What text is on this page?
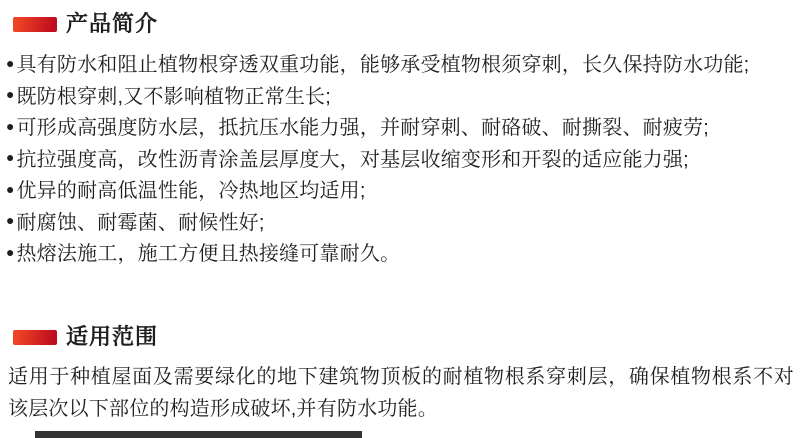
产品简介
● 具有防水和阻止植物根穿透双重功能，能够承受植物根须穿刺，长久保持防水功能;
● 既防根穿刺,又不影响植物正常生长;
● 可形成高强度防水层，抵抗压水能力强，并耐穿刺、耐硌破、耐撕裂、耐疲劳;
● 抗拉强度高，改性沥青涂盖层厚度大，对基层收缩变形和开裂的适应能力强;
● 优异的耐高低温性能，冷热地区均适用;
● 耐腐蚀、耐霉菌、耐候性好;
● 热熔法施工，施工方便且热接缝可靠耐久。
适用范围

适用于种植屋面及需要绿化的地下建筑物顶板的耐植物根系穿刺层，确保植物根系不对该层次以下部位的构造形成破坏,并有防水功能。
